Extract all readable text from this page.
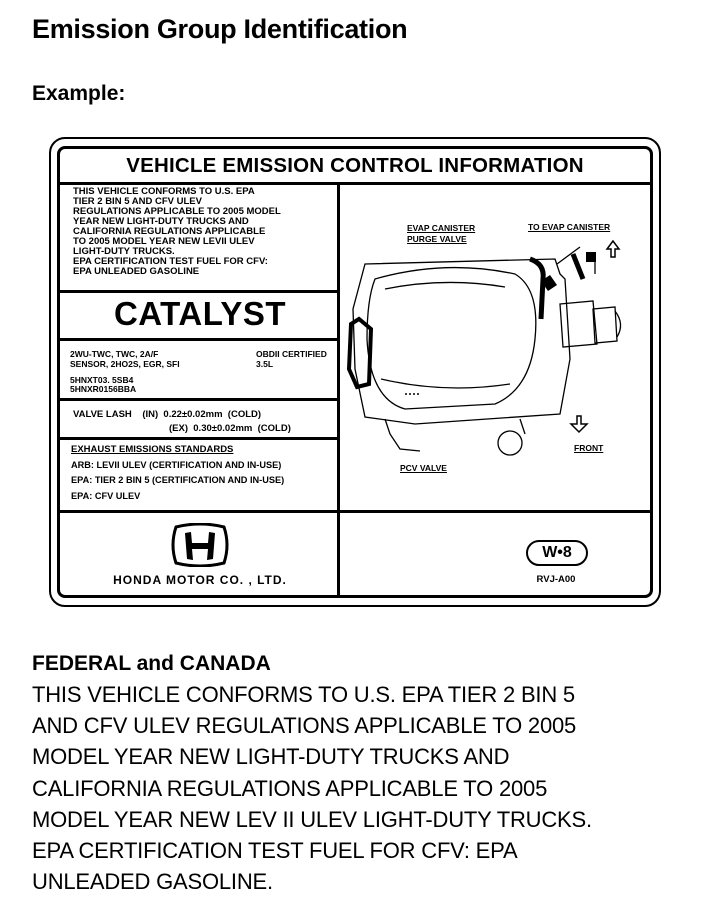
Emission Group Identification
Example:
VEHICLE EMISSION CONTROL INFORMATION
THIS VEHICLE CONFORMS TO U.S. EPA
TIER 2 BIN 5 AND CFV ULEV
REGULATIONS APPLICABLE TO 2005 MODEL
YEAR NEW LIGHT-DUTY TRUCKS AND
CALIFORNIA REGULATIONS APPLICABLE
TO 2005 MODEL YEAR NEW LEVII ULEV
LIGHT-DUTY TRUCKS.
EPA CERTIFICATION TEST FUEL FOR CFV:
EPA UNLEADED GASOLINE
CATALYST
2WU-TWC, TWC, 2A/F
SENSOR, 2HO2S, EGR, SFI
OBDII CERTIFIED
3.5L
5HNXT03. 5SB4
5HNXR0156BBA
VALVE LASH    (IN)  0.22±0.02mm  (COLD)
(EX)  0.30±0.02mm  (COLD)
EXHAUST EMISSIONS STANDARDS
ARB: LEVII ULEV (CERTIFICATION AND IN-USE)
EPA: TIER 2 BIN 5 (CERTIFICATION AND IN-USE)
EPA: CFV ULEV
HONDA MOTOR CO. , LTD.
W•8
RVJ-A00
EVAP CANISTER
PURGE VALVE
TO EVAP CANISTER
FRONT
PCV VALVE
FEDERAL and CANADA
THIS VEHICLE CONFORMS TO U.S. EPA TIER 2 BIN 5
AND CFV ULEV REGULATIONS APPLICABLE TO 2005
MODEL YEAR NEW LIGHT-DUTY TRUCKS AND
CALIFORNIA REGULATIONS APPLICABLE TO 2005
MODEL YEAR NEW LEV II ULEV LIGHT-DUTY TRUCKS.
EPA CERTIFICATION TEST FUEL FOR CFV: EPA
UNLEADED GASOLINE.
